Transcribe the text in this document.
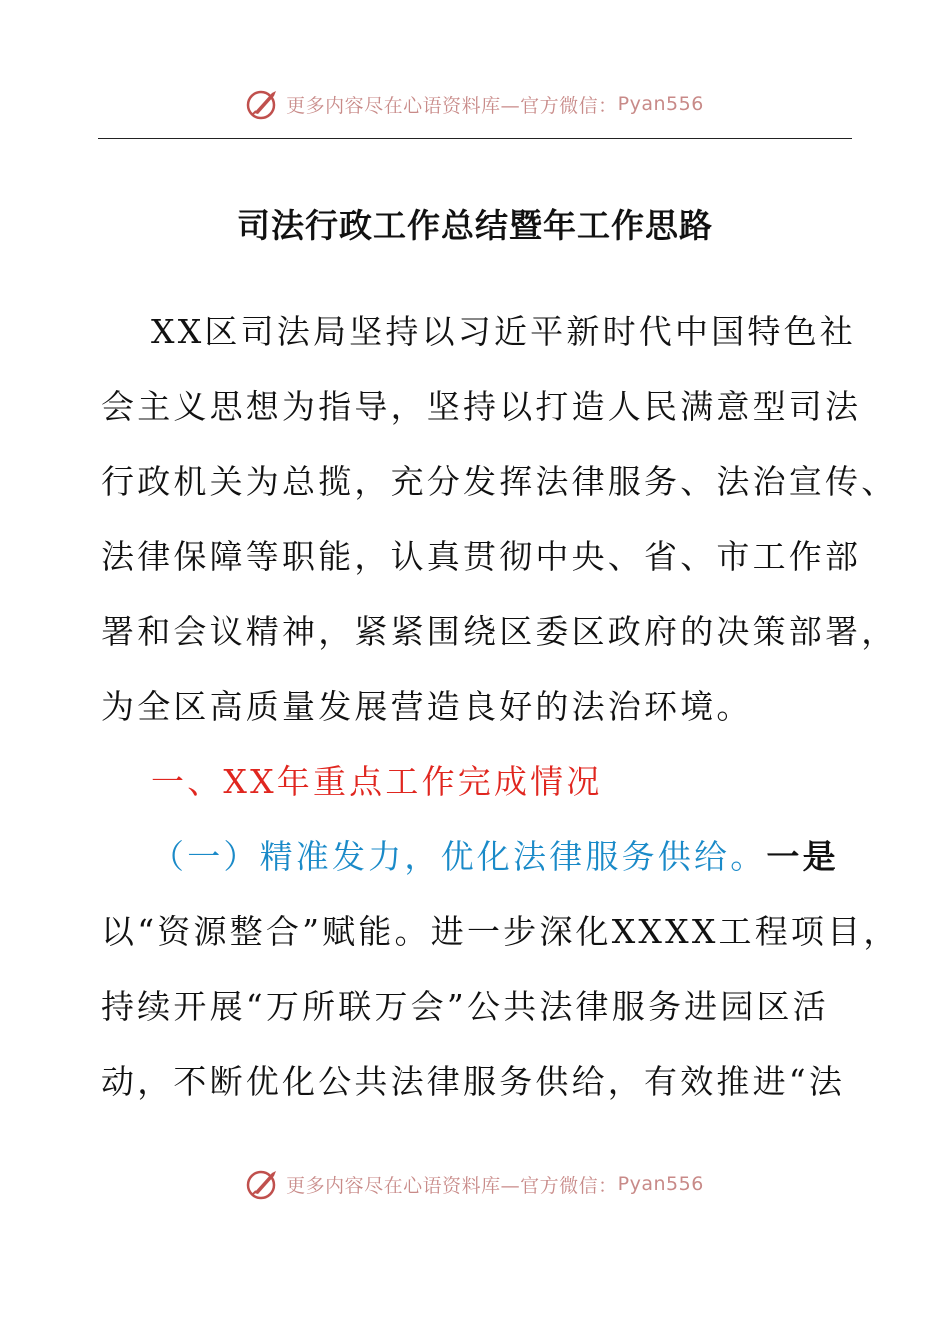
更多内容尽在心语资料库—官方微信： Pyan556
司法行政工作总结暨年工作思路
XX区司法局坚持以习近平新时代中国特色社
会主义思想为指导，坚持以打造人民满意型司法
行政机关为总揽，充分发挥法律服务、法治宣传、
法律保障等职能，认真贯彻中央、省、市工作部
署和会议精神，紧紧围绕区委区政府的决策部署，
为全区高质量发展营造良好的法治环境。
一、XX年重点工作完成情况
（一）精准发力，优化法律服务供给。一是
以“资源整合”赋能。进一步深化XXXX工程项目，
持续开展“万所联万会”公共法律服务进园区活
动，不断优化公共法律服务供给，有效推进“法
更多内容尽在心语资料库—官方微信： Pyan556
